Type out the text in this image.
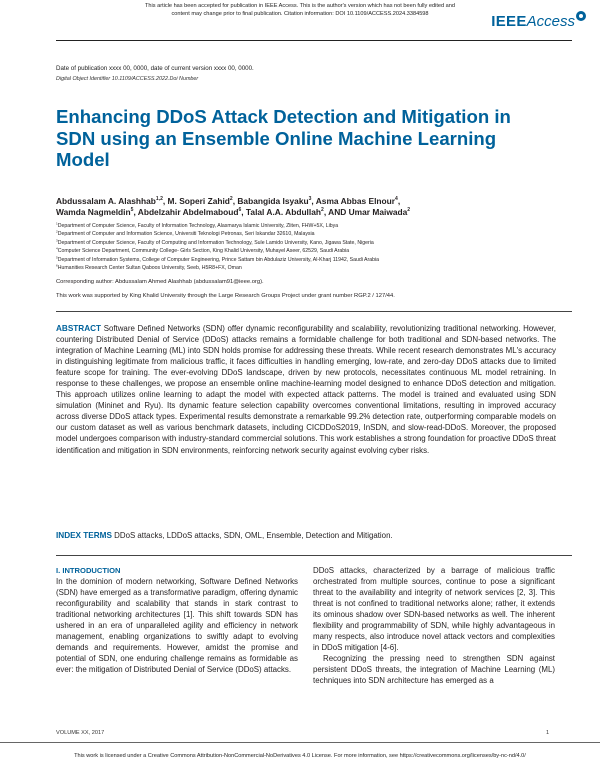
This article has been accepted for publication in IEEE Access. This is the author's version which has not been fully edited and
content may change prior to final publication. Citation information: DOI 10.1109/ACCESS.2024.3384598	IEEEAccess
Date of publication xxxx 00, 0000, date of current version xxxx 00, 0000.
Digital Object Identifier 10.1109/ACCESS.2022.Doi Number
Enhancing DDoS Attack Detection and Mitigation in SDN using an Ensemble Online Machine Learning Model
Abdussalam A. Alashhab$^{1,2}$, M. Soperi Zahid$^2$, Babangida Isyaku$^3$, Asma Abbas Elnour$^4$,
Wamda Nagmeldin$^5$, Abdelzahir Abdelmaboud$^6$, Talal A.A. Abdullah$^2$, AND Umar Maiwada$^2$
$^1$Department of Computer Science, Faculty of Information Technology, Alasmarya Islamic University, Zliten, FHW+5X, Libya
$^2$Department of Computer and Information Science, Universiti Teknologi Petronas, Seri Iskandar 32610, Malaysia
$^3$Department of Computer Science, Faculty of Computing and Information Technology, Sule Lamido University, Kano, Jigawa State, Nigeria
$^4$Computer Science Department, Community College- Girls Section, King Khalid University, Muhayel Aseer, 62529, Saudi Arabia
$^5$Department of Information Systems, College of Computer Engineering, Prince Sattam bin Abdulaziz University, Al-Kharj 11942, Saudi Arabia
$^6$Humanities Research Center Sultan Qaboos University, Seeb, H5R8+FX, Oman
Corresponding author: Abdussalam Ahmed Alashhab (abdussalam91@ieee.org).
This work was supported by King Khalid University through the Large Research Groups Project under grant number RGP.2 / 127/44.
ABSTRACT Software Defined Networks (SDN) offer dynamic reconfigurability and scalability, revolutionizing traditional networking. However, countering Distributed Denial of Service (DDoS) attacks remains a formidable challenge for both traditional and SDN-based networks. The integration of Machine Learning (ML) into SDN holds promise for addressing these threats. While recent research demonstrates ML's accuracy in distinguishing legitimate from malicious traffic, it faces difficulties in handling emerging, low-rate, and zero-day DDoS attacks due to limited feature scope for training. The ever-evolving DDoS landscape, driven by new protocols, necessitates continuous ML model retraining. In response to these challenges, we propose an ensemble online machine-learning model designed to enhance DDoS detection and mitigation. This approach utilizes online learning to adapt the model with expected attack patterns. The model is trained and evaluated using SDN simulation (Mininet and Ryu). Its dynamic feature selection capability overcomes conventional limitations, resulting in improved accuracy across diverse DDoS attack types. Experimental results demonstrate a remarkable 99.2% detection rate, outperforming comparable models on our custom dataset as well as various benchmark datasets, including CICDDoS2019, InSDN, and slow-read-DDoS. Moreover, the proposed model undergoes comparison with industry-standard commercial solutions. This work establishes a strong foundation for proactive DDoS threat identification and mitigation in SDN environments, reinforcing network security against evolving cyber risks.
INDEX TERMS DDoS attacks, LDDoS attacks, SDN, OML, Ensemble, Detection and Mitigation.
I. INTRODUCTION

In the dominion of modern networking, Software Defined Networks (SDN) have emerged as a transformative paradigm, offering dynamic reconfigurability and scalability that stands in stark contrast to traditional networking architectures [1]. This shift towards SDN has ushered in an era of unparalleled agility and efficiency in network management, enabling organizations to swiftly adapt to evolving demands and requirements. However, amidst the promise and potential of SDN, one enduring challenge remains as formidable as ever: the mitigation of Distributed Denial of Service (DDoS) attacks.

DDoS attacks, characterized by a barrage of malicious traffic orchestrated from multiple sources, continue to pose a significant threat to the availability and integrity of network services [2, 3]. This threat is not confined to traditional networks alone; rather, it extends its ominous shadow over SDN-based networks as well. The inherent flexibility and programmability of SDN, while highly advantageous in many respects, also introduce novel attack vectors and complexities in DDoS mitigation [4-6].

Recognizing the pressing need to strengthen SDN against persistent DDoS threats, the integration of Machine Learning (ML) techniques into SDN architecture has emerged as a

VOLUME XX, 2017	1
This work is licensed under a Creative Commons Attribution-NonCommercial-NoDerivatives 4.0 License. For more information, see https://creativecommons.org/licenses/by-nc-nd/4.0/
